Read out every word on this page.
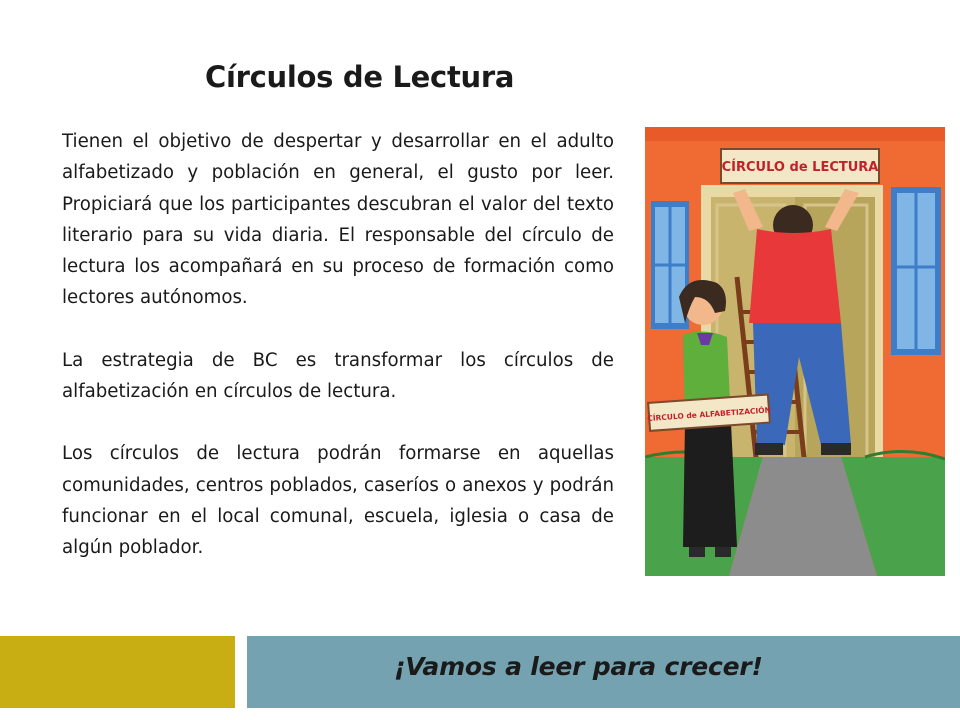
Círculos de Lectura

Tienen el objetivo de despertar y desarrollar en el adulto alfabetizado y población en general, el gusto por leer. Propiciará que los participantes descubran el valor del texto literario para su vida diaria. El responsable del círculo de lectura los acompañará en su proceso de formación como lectores autónomos.

La estrategia de BC es transformar los círculos de alfabetización en círculos de lectura.

Los círculos de lectura podrán formarse en aquellas comunidades, centros poblados, caseríos o anexos y podrán funcionar en el local comunal, escuela, iglesia o casa de algún poblador.

CÍRCULO de LECTURA
CÍRCULO de ALFABETIZACIÓN
¡Vamos a leer para crecer!
